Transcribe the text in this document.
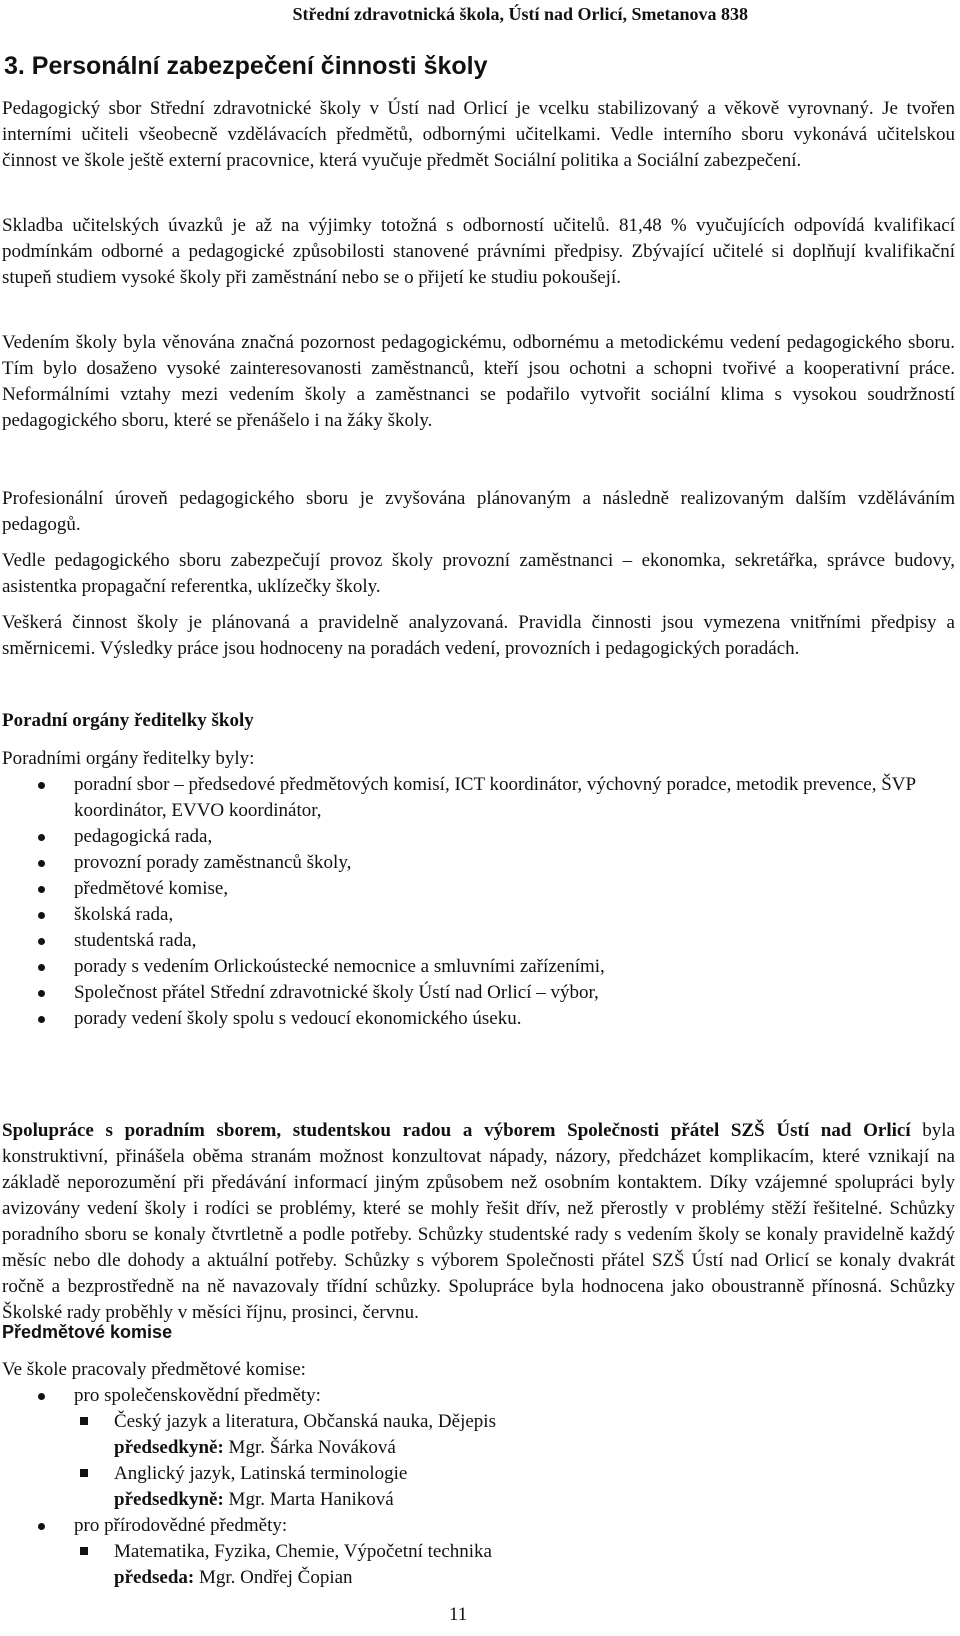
Střední zdravotnická škola, Ústí nad Orlicí, Smetanova 838
3. Personální zabezpečení činnosti školy
Pedagogický sbor Střední zdravotnické školy v Ústí nad Orlicí je vcelku stabilizovaný a věkově vyrovnaný. Je tvořen interními učiteli všeobecně vzdělávacích předmětů, odbornými učitelkami. Vedle interního sboru vykonává učitelskou činnost ve škole ještě externí pracovnice, která vyučuje předmět Sociální politika a Sociální zabezpečení.
Skladba učitelských úvazků je až na výjimky totožná s odborností učitelů. 81,48 % vyučujících odpovídá kvalifikací podmínkám odborné a pedagogické způsobilosti stanovené právními předpisy. Zbývající učitelé si doplňují kvalifikační stupeň studiem vysoké školy při zaměstnání nebo se o přijetí ke studiu pokoušejí.
Vedením školy byla věnována značná pozornost pedagogickému, odbornému a metodickému vedení pedagogického sboru. Tím bylo dosaženo vysoké zainteresovanosti zaměstnanců, kteří jsou ochotni a schopni tvořivé a kooperativní práce. Neformálními vztahy mezi vedením školy a zaměstnanci se podařilo vytvořit sociální klima s vysokou soudržností pedagogického sboru, které se přenášelo i na žáky školy.
Profesionální úroveň pedagogického sboru je zvyšována plánovaným a následně realizovaným dalším vzděláváním pedagogů.
Vedle pedagogického sboru zabezpečují provoz školy provozní zaměstnanci – ekonomka, sekretářka, správce budovy, asistentka propagační referentka, uklízečky školy.
Veškerá činnost školy je plánovaná a pravidelně analyzovaná. Pravidla činnosti jsou vymezena vnitřními předpisy a směrnicemi. Výsledky práce jsou hodnoceny na poradách vedení, provozních i pedagogických poradách.
Poradní orgány ředitelky školy
Poradními orgány ředitelky byly:
poradní sbor – předsedové předmětových komisí, ICT koordinátor, výchovný poradce, metodik prevence, ŠVP koordinátor, EVVO koordinátor,
pedagogická rada,
provozní porady zaměstnanců školy,
předmětové komise,
školská rada,
studentská rada,
porady s vedením Orlickoústecké nemocnice a smluvními zařízeními,
Společnost přátel Střední zdravotnické školy Ústí nad Orlicí – výbor,
porady vedení školy spolu s vedoucí ekonomického úseku.
Spolupráce s poradním sborem, studentskou radou a výborem Společnosti přátel SZŠ Ústí nad Orlicí byla konstruktivní, přinášela oběma stranám možnost konzultovat nápady, názory, předcházet komplikacím, které vznikají na základě neporozumění při předávání informací jiným způsobem než osobním kontaktem. Díky vzájemné spolupráci byly avizovány vedení školy i rodíci se problémy, které se mohly řešit dřív, než přerostly v problémy stěží řešitelné. Schůzky poradního sboru se konaly čtvrtletně a podle potřeby. Schůzky studentské rady s vedením školy se konaly pravidelně každý měsíc nebo dle dohody a aktuální potřeby. Schůzky s výborem Společnosti přátel SZŠ Ústí nad Orlicí se konaly dvakrát ročně a bezprostředně na ně navazovaly třídní schůzky. Spolupráce byla hodnocena jako oboustranně přínosná. Schůzky Školské rady proběhly v měsíci říjnu, prosinci, červnu.
Předmětové komise
Ve škole pracovaly předmětové komise:
pro společenskovědní předměty:
Český jazyk a literatura, Občanská nauka, Dějepis
předsedkyně: Mgr. Šárka Nováková
Anglický jazyk, Latinská terminologie
předsedkyně: Mgr. Marta Haniková
pro přírodovědné předměty:
Matematika, Fyzika, Chemie, Výpočetní technika
předseda: Mgr. Ondřej Čopian
11
